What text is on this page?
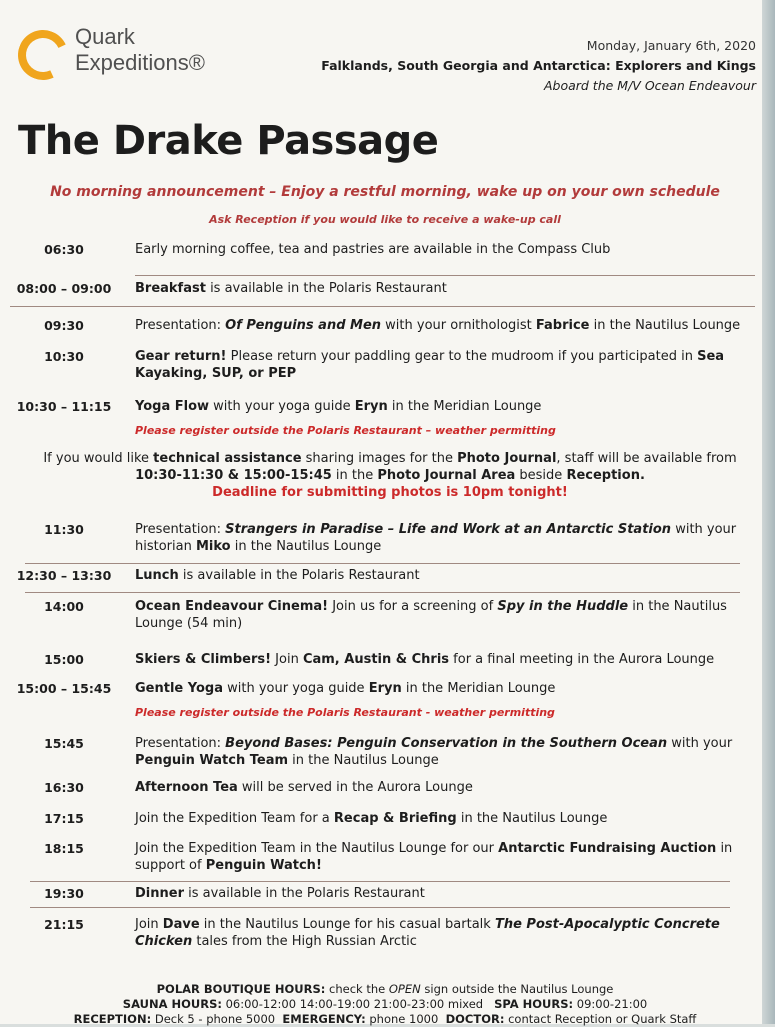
Quark
Expeditions®
Monday, January 6th, 2020
Falklands, South Georgia and Antarctica: Explorers and Kings
Aboard the M/V Ocean Endeavour
The Drake Passage
No morning announcement – Enjoy a restful morning, wake up on your own schedule
Ask Reception if you would like to receive a wake-up call
06:30	Early morning coffee, tea and pastries are available in the Compass Club
08:00 – 09:00	Breakfast is available in the Polaris Restaurant
09:30	Presentation: Of Penguins and Men with your ornithologist Fabrice in the Nautilus Lounge
10:30	Gear return! Please return your paddling gear to the mudroom if you participated in Sea Kayaking, SUP, or PEP
10:30 – 11:15	Yoga Flow with your yoga guide Eryn in the Meridian Lounge
Please register outside the Polaris Restaurant – weather permitting
If you would like technical assistance sharing images for the Photo Journal, staff will be available from
10:30-11:30 & 15:00-15:45 in the Photo Journal Area beside Reception.
Deadline for submitting photos is 10pm tonight!
11:30	Presentation: Strangers in Paradise – Life and Work at an Antarctic Station with your historian Miko in the Nautilus Lounge
12:30 – 13:30	Lunch is available in the Polaris Restaurant
14:00	Ocean Endeavour Cinema! Join us for a screening of Spy in the Huddle in the Nautilus Lounge (54 min)
15:00	Skiers & Climbers! Join Cam, Austin & Chris for a final meeting in the Aurora Lounge
15:00 – 15:45	Gentle Yoga with your yoga guide Eryn in the Meridian Lounge
Please register outside the Polaris Restaurant - weather permitting
15:45	Presentation: Beyond Bases: Penguin Conservation in the Southern Ocean with your Penguin Watch Team in the Nautilus Lounge
16:30	Afternoon Tea will be served in the Aurora Lounge
17:15	Join the Expedition Team for a Recap & Briefing in the Nautilus Lounge
18:15	Join the Expedition Team in the Nautilus Lounge for our Antarctic Fundraising Auction in support of Penguin Watch!
19:30	Dinner is available in the Polaris Restaurant
21:15	Join Dave in the Nautilus Lounge for his casual bartalk The Post-Apocalyptic Concrete Chicken tales from the High Russian Arctic
POLAR BOUTIQUE HOURS: check the OPEN sign outside the Nautilus Lounge
SAUNA HOURS: 06:00-12:00 14:00-19:00 21:00-23:00 mixed SPA HOURS: 09:00-21:00
RECEPTION: Deck 5 - phone 5000 EMERGENCY: phone 1000 DOCTOR: contact Reception or Quark Staff
